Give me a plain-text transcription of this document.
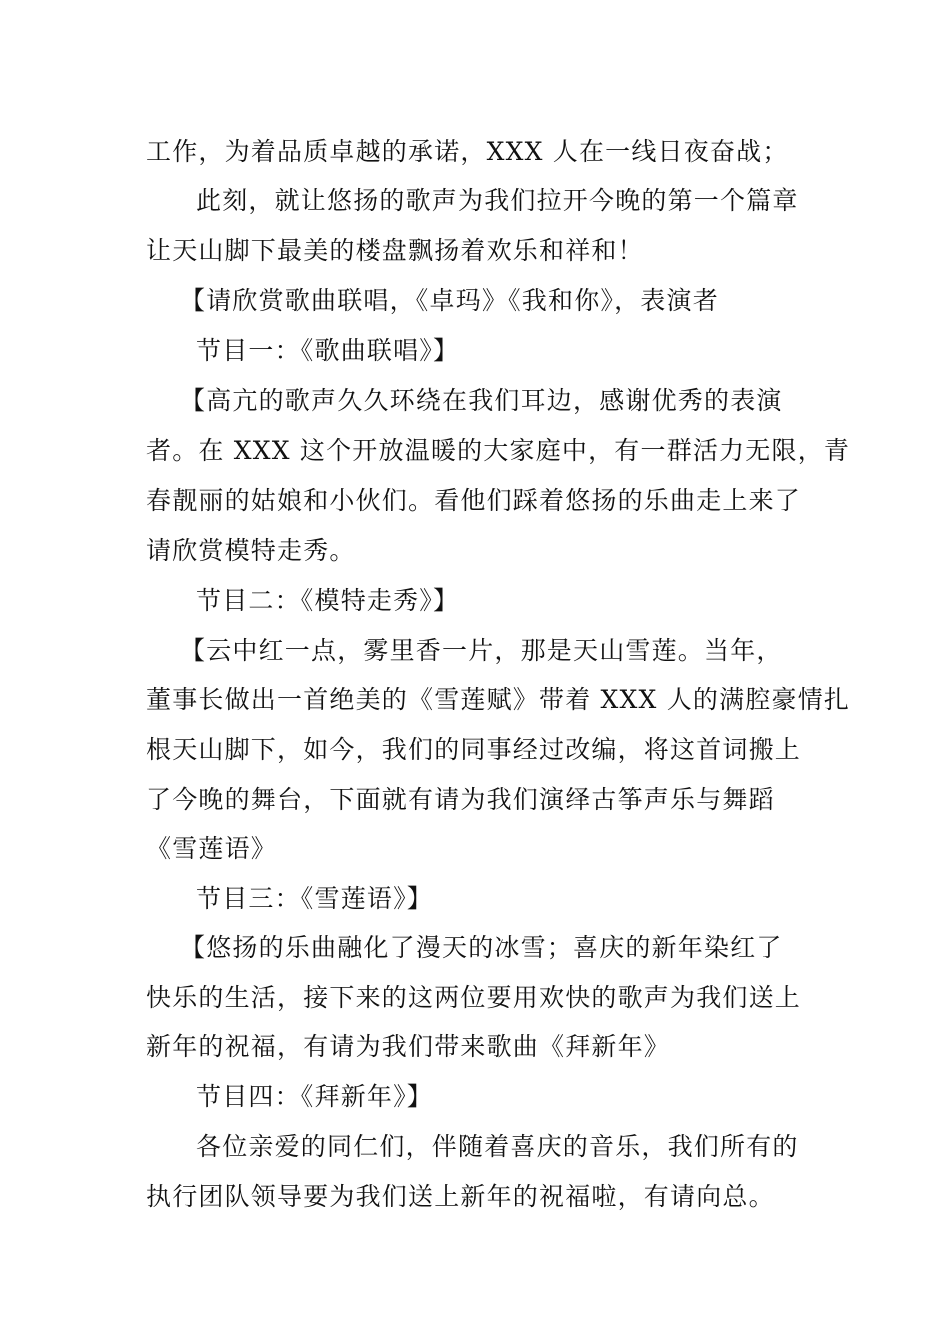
工作，为着品质卓越的承诺，XXX 人在一线日夜奋战；
此刻，就让悠扬的歌声为我们拉开今晚的第一个篇章
让天山脚下最美的楼盘飘扬着欢乐和祥和！
【请欣赏歌曲联唱，《卓玛》《我和你》，表演者
节目一：《歌曲联唱》】
【高亢的歌声久久环绕在我们耳边，感谢优秀的表演
者。在 XXX 这个开放温暖的大家庭中，有一群活力无限，青
春靓丽的姑娘和小伙们。看他们踩着悠扬的乐曲走上来了
请欣赏模特走秀。
节目二：《模特走秀》】
【云中红一点，雾里香一片，那是天山雪莲。当年，
董事长做出一首绝美的《雪莲赋》带着 XXX 人的满腔豪情扎
根天山脚下，如今，我们的同事经过改编，将这首词搬上
了今晚的舞台，下面就有请为我们演绎古筝声乐与舞蹈
《雪莲语》
节目三：《雪莲语》】
【悠扬的乐曲融化了漫天的冰雪；喜庆的新年染红了
快乐的生活，接下来的这两位要用欢快的歌声为我们送上
新年的祝福，有请为我们带来歌曲《拜新年》
节目四：《拜新年》】
各位亲爱的同仁们，伴随着喜庆的音乐，我们所有的
执行团队领导要为我们送上新年的祝福啦，有请向总。
